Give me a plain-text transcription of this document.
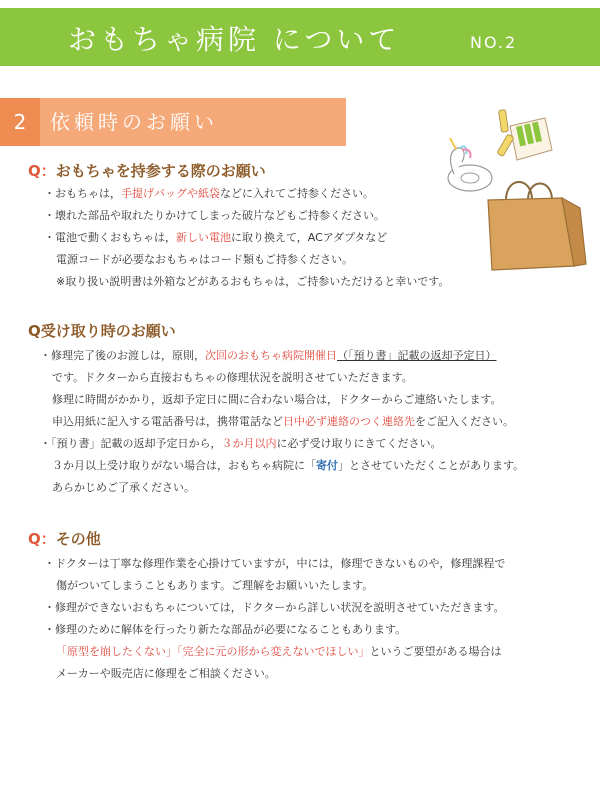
おもちゃ病院 について	NO.2
2	依頼時のお願い
Q：おもちゃを持参する際のお願い
・おもちゃは，手提げバッグや紙袋などに入れてご持参ください。
・壊れた部品や取れたりかけてしまった破片などもご持参ください。
・電池で動くおもちゃは，新しい電池に取り換えて，ACアダプタなど
電源コードが必要なおもちゃはコード類もご持参ください。
※取り扱い説明書は外箱などがあるおもちゃは，ご持参いただけると幸いです。
Q受け取り時のお願い
・修理完了後のお渡しは，原則，次回のおもちゃ病院開催日（「預り書」記載の返却予定日）
です。ドクターから直接おもちゃの修理状況を説明させていただきます。
修理に時間がかかり，返却予定日に間に合わない場合は，ドクターからご連絡いたします。
申込用紙に記入する電話番号は，携帯電話など日中必ず連絡のつく連絡先をご記入ください。
・「預り書」記載の返却予定日から，３か月以内に必ず受け取りにきてください。
３か月以上受け取りがない場合は，おもちゃ病院に「寄付」とさせていただくことがあります。
あらかじめご了承ください。
Q：その他
・ドクターは丁寧な修理作業を心掛けていますが，中には，修理できないものや，修理課程で
傷がついてしまうこともあります。ご理解をお願いいたします。
・修理ができないおもちゃについては，ドクターから詳しい状況を説明させていただきます。
・修理のために解体を行ったり新たな部品が必要になることもあります。
「原型を崩したくない」「完全に元の形から変えないでほしい」というご要望がある場合は
メーカーや販売店に修理をご相談ください。
